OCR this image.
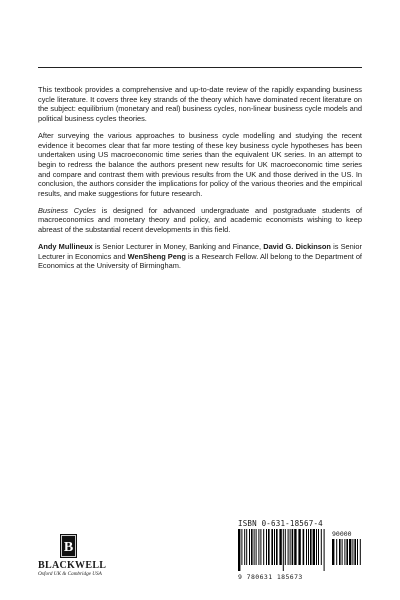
This textbook provides a comprehensive and up-to-date review of the rapidly expanding business cycle literature. It covers three key strands of the theory which have dominated recent literature on the subject: equilibrium (monetary and real) business cycles, non-linear business cycle models and political business cycles theories.

After surveying the various approaches to business cycle modelling and studying the recent evidence it becomes clear that far more testing of these key business cycle hypotheses has been undertaken using US macroeconomic time series than the equivalent UK series. In an attempt to begin to redress the balance the authors present new results for UK macroeconomic time series and compare and contrast them with previous results from the UK and those derived in the US. In conclusion, the authors consider the implications for policy of the various theories and the empirical results, and make suggestions for future research.

Business Cycles is designed for advanced undergraduate and postgraduate students of macroeconomics and monetary theory and policy, and academic economists wishing to keep abreast of the substantial recent developments in this field.

Andy Mullineux is Senior Lecturer in Money, Banking and Finance, David G. Dickinson is Senior Lecturer in Economics and WenSheng Peng is a Research Fellow. All belong to the Department of Economics at the University of Birmingham.

B
BLACKWELL
Oxford UK & Cambridge USA
ISBN 0-631-18567-4
90000
9 780631 185673
